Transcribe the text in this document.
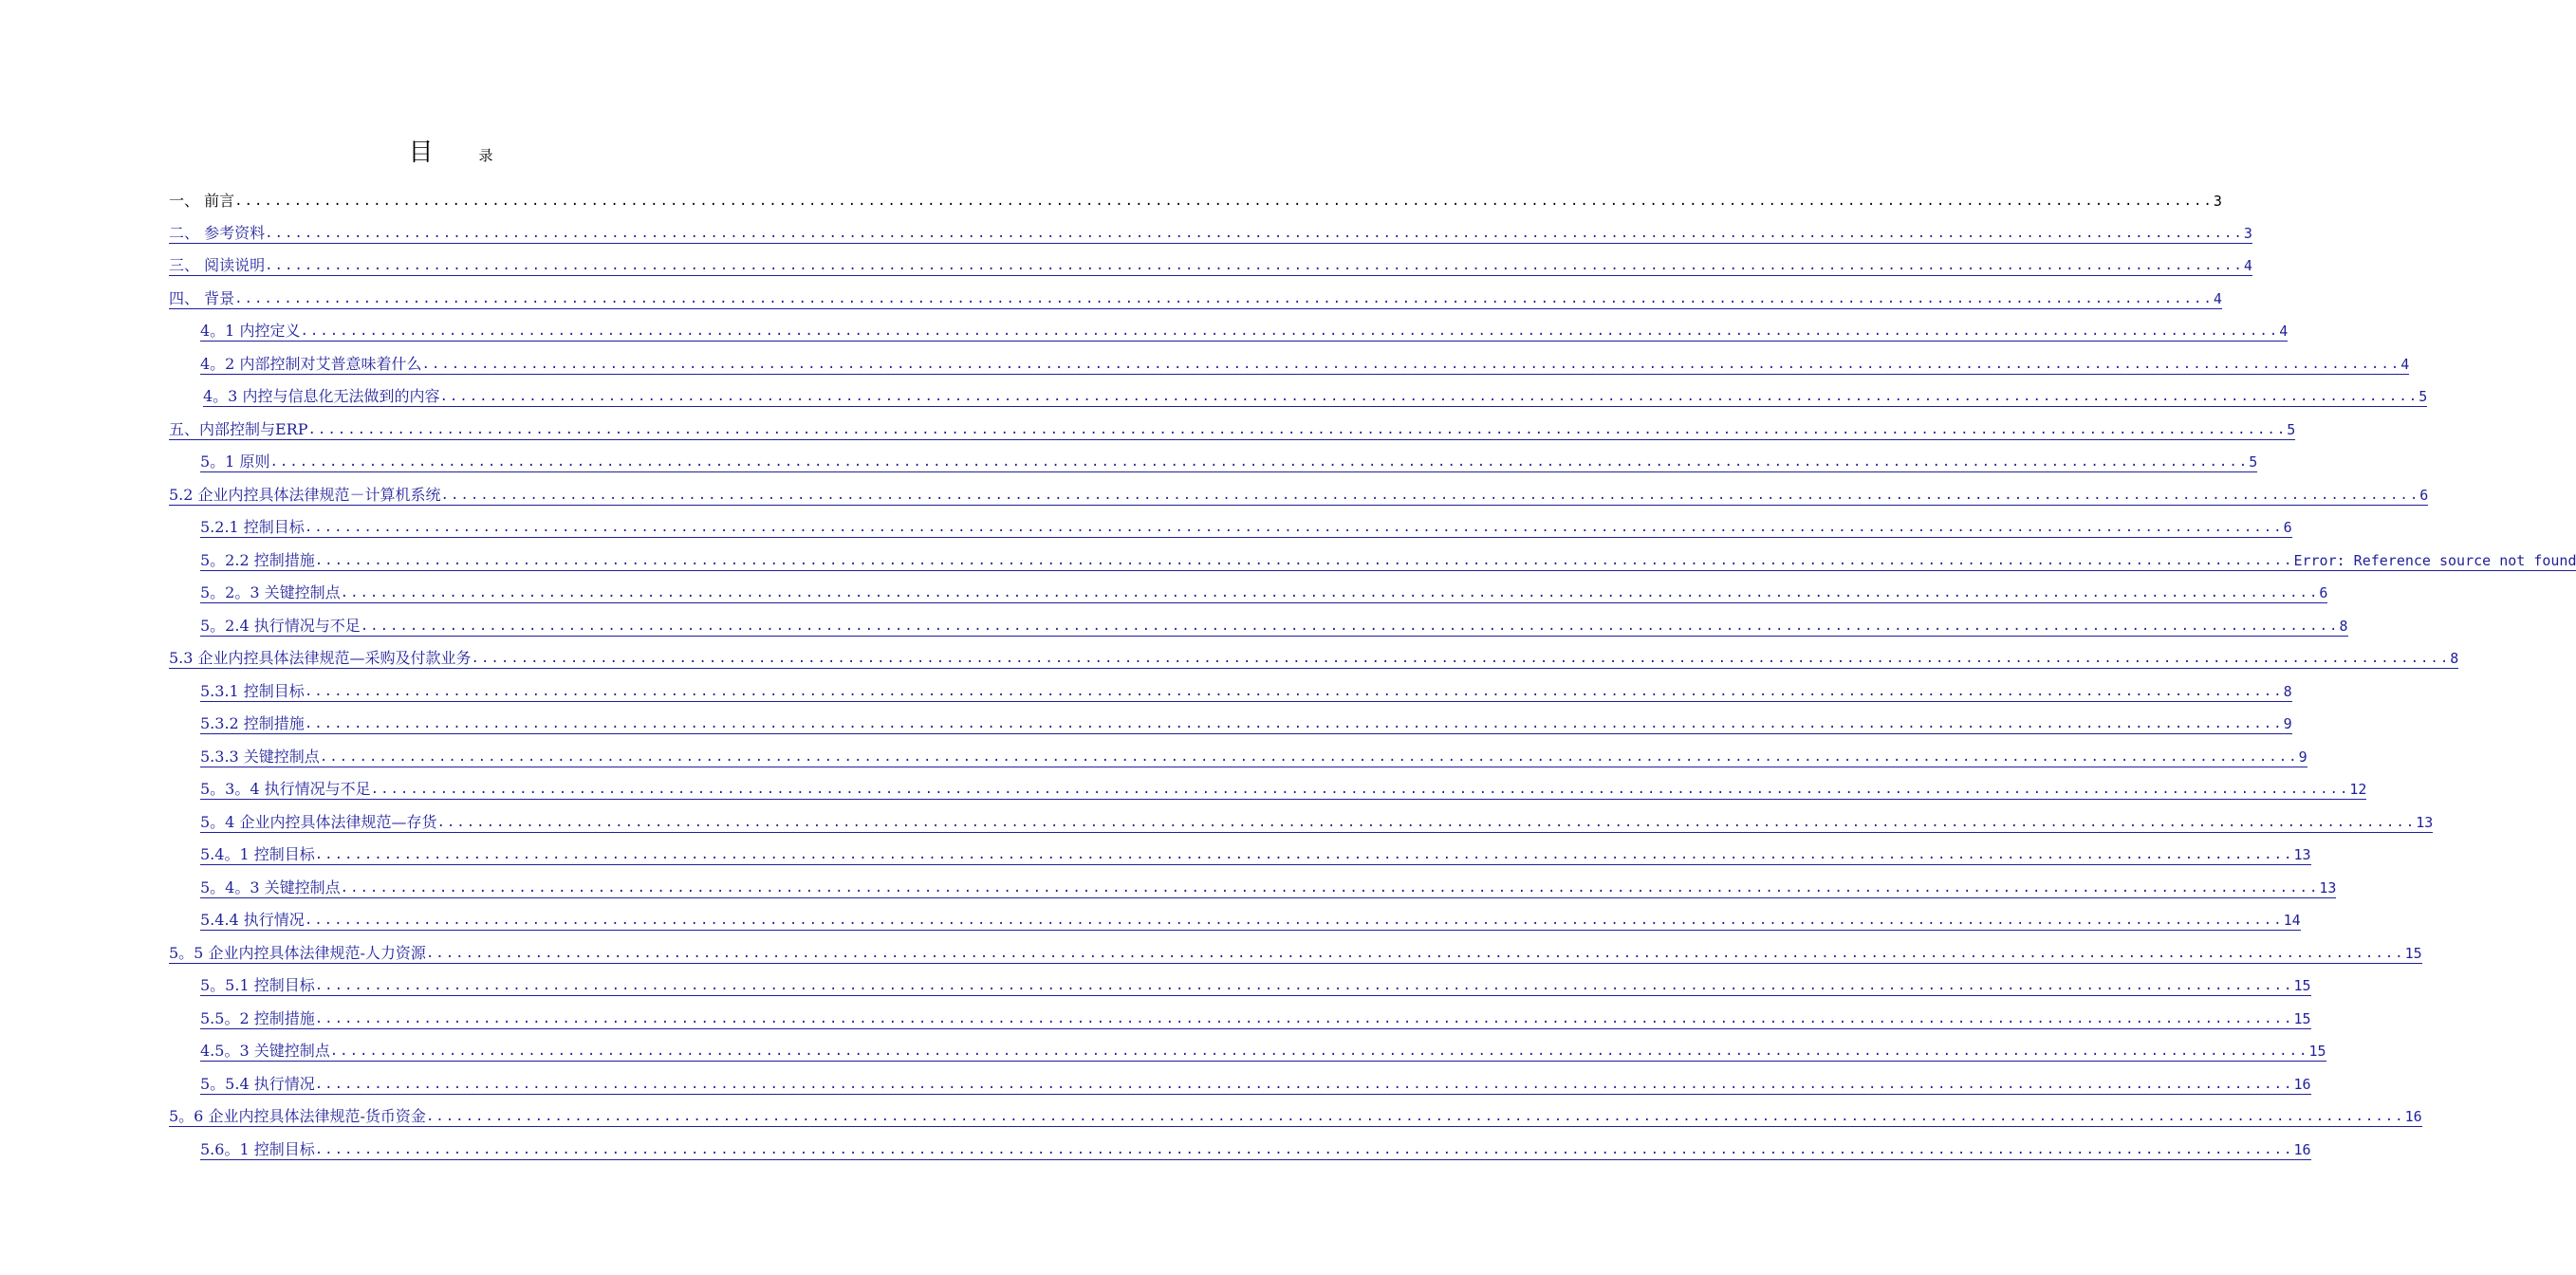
目	录
一、 前言 ........................................................................................................................................................................................................ 3
二、 参考资料 ........................................................................................................................................................................................................ 3
三、 阅读说明 ........................................................................................................................................................................................................ 4
四、 背景 ........................................................................................................................................................................................................ 4
4。1 内控定义 ........................................................................................................................................................................................................ 4
4。2 内部控制对艾普意味着什么 ........................................................................................................................................................................................................ 4
4。3 内控与信息化无法做到的内容 ........................................................................................................................................................................................................ 5
五、内部控制与ERP ........................................................................................................................................................................................................ 5
5。1 原则 ........................................................................................................................................................................................................ 5
5.2 企业内控具体法律规范－计算机系统 ........................................................................................................................................................................................................ 6
5.2.1 控制目标 ........................................................................................................................................................................................................ 6
5。2.2 控制措施 ........................................................................................................................................................................................................ Error: Reference source not found
5。2。3 关键控制点 ........................................................................................................................................................................................................ 6
5。2.4 执行情况与不足 ........................................................................................................................................................................................................ 8
5.3 企业内控具体法律规范—采购及付款业务 ........................................................................................................................................................................................................ 8
5.3.1 控制目标 ........................................................................................................................................................................................................ 8
5.3.2 控制措施 ........................................................................................................................................................................................................ 9
5.3.3 关键控制点 ........................................................................................................................................................................................................ 9
5。3。4 执行情况与不足 ........................................................................................................................................................................................................ 12
5。4 企业内控具体法律规范—存货 ........................................................................................................................................................................................................ 13
5.4。1 控制目标 ........................................................................................................................................................................................................ 13
5。4。3 关键控制点 ........................................................................................................................................................................................................ 13
5.4.4 执行情况 ........................................................................................................................................................................................................ 14
5。5 企业内控具体法律规范-人力资源 ........................................................................................................................................................................................................ 15
5。5.1 控制目标 ........................................................................................................................................................................................................ 15
5.5。2 控制措施 ........................................................................................................................................................................................................ 15
4.5。3 关键控制点 ........................................................................................................................................................................................................ 15
5。5.4 执行情况 ........................................................................................................................................................................................................ 16
5。6 企业内控具体法律规范-货币资金 ........................................................................................................................................................................................................ 16
5.6。1 控制目标 ........................................................................................................................................................................................................ 16
